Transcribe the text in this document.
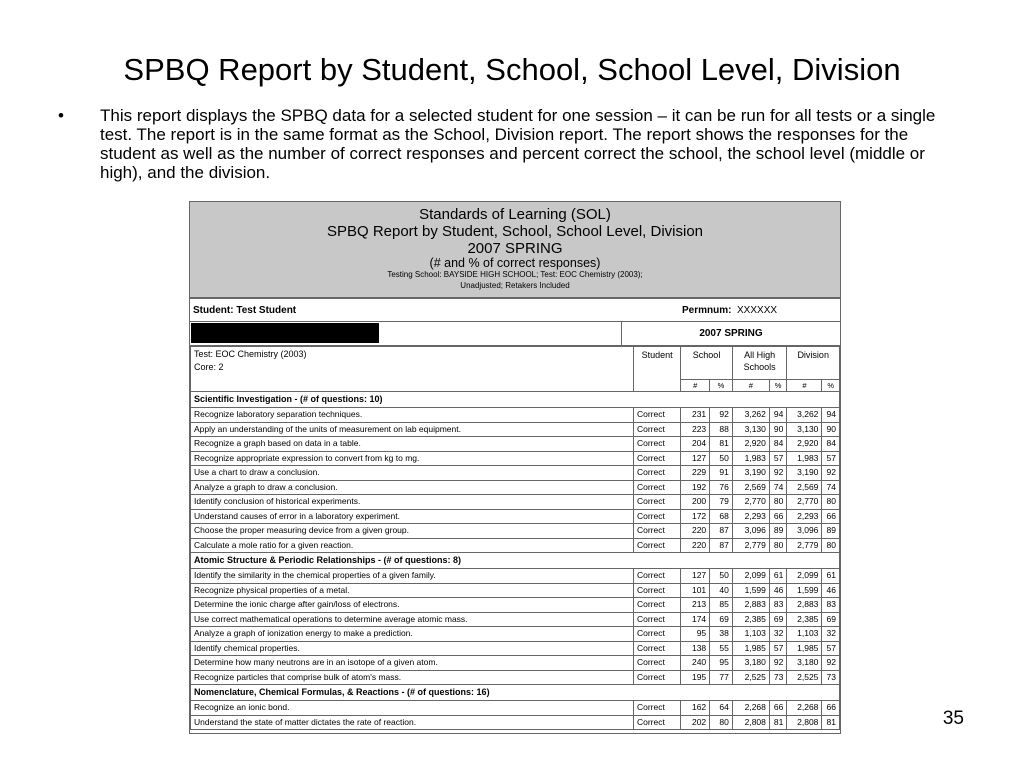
SPBQ Report by Student, School, School Level, Division
•	This report displays the SPBQ data for a selected student for one session – it can be run for all tests or a single test. The report is in the same format as the School, Division report. The report shows the responses for the student as well as the number of correct responses and percent correct the school, the school level (middle or high), and the division.
Standards of Learning (SOL)
SPBQ Report by Student, School, School Level, Division
2007 SPRING
(# and % of correct responses)
Testing School: BAYSIDE HIGH SCHOOL; Test: EOC Chemistry (2003);
Unadjusted; Retakers Included
Student: Test Student	Permnum: XXXXXX
2007 SPRING
Test: EOC Chemistry (2003)
Core: 2	Student	School		All High Schools		Division	
		#	%	#	%	#	%
Scientific Investigation - (# of questions: 10)							
Recognize laboratory separation techniques.	Correct	231	92	3,262	94	3,262	94
Apply an understanding of the units of measurement on lab equipment.	Correct	223	88	3,130	90	3,130	90
Recognize a graph based on data in a table.	Correct	204	81	2,920	84	2,920	84
Recognize appropriate expression to convert from kg to mg.	Correct	127	50	1,983	57	1,983	57
Use a chart to draw a conclusion.	Correct	229	91	3,190	92	3,190	92
Analyze a graph to draw a conclusion.	Correct	192	76	2,569	74	2,569	74
Identify conclusion of historical experiments.	Correct	200	79	2,770	80	2,770	80
Understand causes of error in a laboratory experiment.	Correct	172	68	2,293	66	2,293	66
Choose the proper measuring device from a given group.	Correct	220	87	3,096	89	3,096	89
Calculate a mole ratio for a given reaction.	Correct	220	87	2,779	80	2,779	80
Atomic Structure & Periodic Relationships - (# of questions: 8)							
Identify the similarity in the chemical properties of a given family.	Correct	127	50	2,099	61	2,099	61
Recognize physical properties of a metal.	Correct	101	40	1,599	46	1,599	46
Determine the ionic charge after gain/loss of electrons.	Correct	213	85	2,883	83	2,883	83
Use correct mathematical operations to determine average atomic mass.	Correct	174	69	2,385	69	2,385	69
Analyze a graph of ionization energy to make a prediction.	Correct	95	38	1,103	32	1,103	32
Identify chemical properties.	Correct	138	55	1,985	57	1,985	57
Determine how many neutrons are in an isotope of a given atom.	Correct	240	95	3,180	92	3,180	92
Recognize particles that comprise bulk of atom's mass.	Correct	195	77	2,525	73	2,525	73
Nomenclature, Chemical Formulas, & Reactions - (# of questions: 16)							
Recognize an ionic bond.	Correct	162	64	2,268	66	2,268	66
Understand the state of matter dictates the rate of reaction.	Correct	202	80	2,808	81	2,808	81	35
